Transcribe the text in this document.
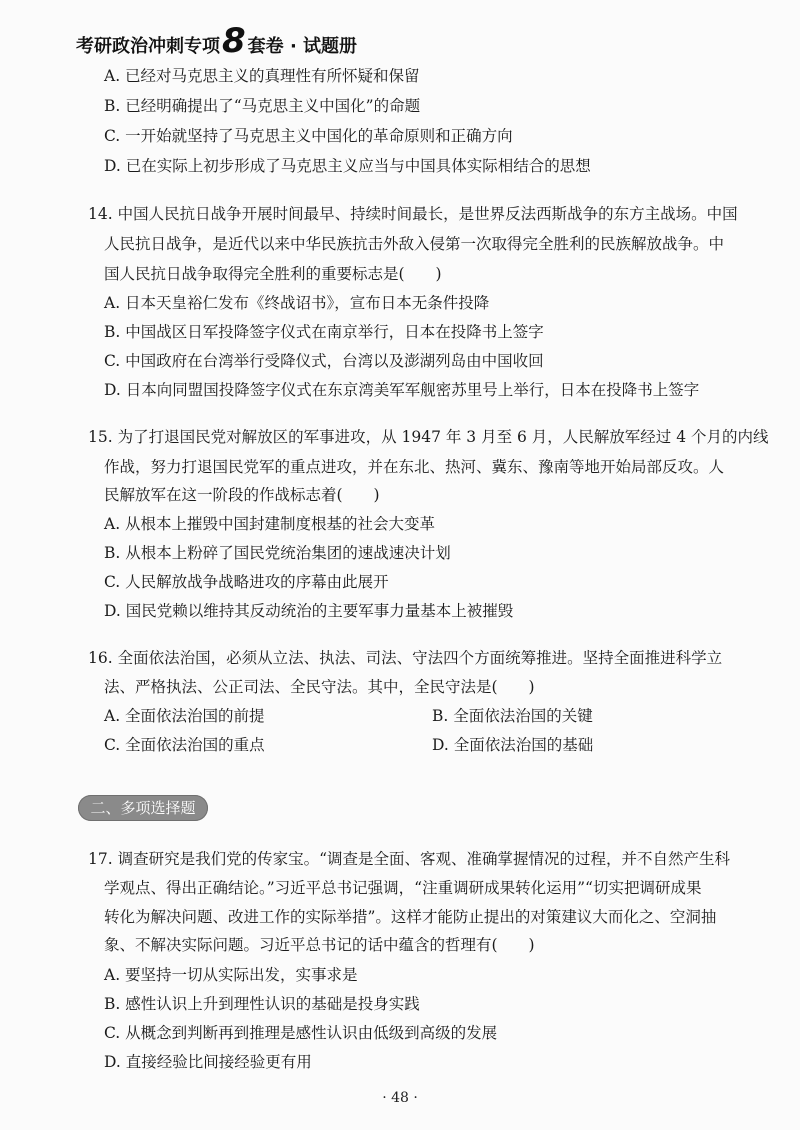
考研政治冲刺专项 8 套卷 · 试题册
A. 已经对马克思主义的真理性有所怀疑和保留
B. 已经明确提出了“马克思主义中国化”的命题
C. 一开始就坚持了马克思主义中国化的革命原则和正确方向
D. 已在实际上初步形成了马克思主义应当与中国具体实际相结合的思想
14. 中国人民抗日战争开展时间最早、持续时间最长，是世界反法西斯战争的东方主战场。中国
人民抗日战争，是近代以来中华民族抗击外敌入侵第一次取得完全胜利的民族解放战争。中
国人民抗日战争取得完全胜利的重要标志是(　　)
A. 日本天皇裕仁发布《终战诏书》，宣布日本无条件投降
B. 中国战区日军投降签字仪式在南京举行，日本在投降书上签字
C. 中国政府在台湾举行受降仪式，台湾以及澎湖列岛由中国收回
D. 日本向同盟国投降签字仪式在东京湾美军军舰密苏里号上举行，日本在投降书上签字
15. 为了打退国民党对解放区的军事进攻，从 1947 年 3 月至 6 月，人民解放军经过 4 个月的内线
作战，努力打退国民党军的重点进攻，并在东北、热河、冀东、豫南等地开始局部反攻。人
民解放军在这一阶段的作战标志着(　　)
A. 从根本上摧毁中国封建制度根基的社会大变革
B. 从根本上粉碎了国民党统治集团的速战速决计划
C. 人民解放战争战略进攻的序幕由此展开
D. 国民党赖以维持其反动统治的主要军事力量基本上被摧毁
16. 全面依法治国，必须从立法、执法、司法、守法四个方面统筹推进。坚持全面推进科学立
法、严格执法、公正司法、全民守法。其中，全民守法是(　　)
A. 全面依法治国的前提	B. 全面依法治国的关键
C. 全面依法治国的重点	D. 全面依法治国的基础
二、多项选择题
17. 调查研究是我们党的传家宝。“调查是全面、客观、准确掌握情况的过程，并不自然产生科
学观点、得出正确结论。”习近平总书记强调，“注重调研成果转化运用”“切实把调研成果
转化为解决问题、改进工作的实际举措”。这样才能防止提出的对策建议大而化之、空洞抽
象、不解决实际问题。习近平总书记的话中蕴含的哲理有(　　)
A. 要坚持一切从实际出发，实事求是
B. 感性认识上升到理性认识的基础是投身实践
C. 从概念到判断再到推理是感性认识由低级到高级的发展
D. 直接经验比间接经验更有用
· 48 ·
